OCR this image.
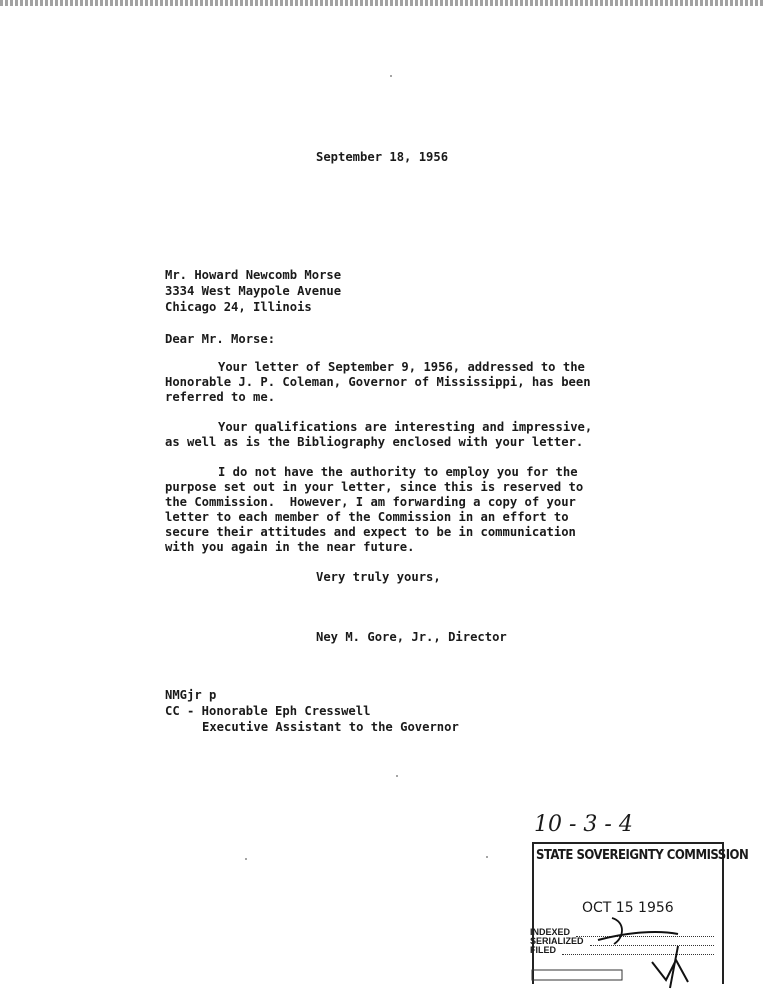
September 18, 1956
Mr. Howard Newcomb Morse
3334 West Maypole Avenue
Chicago 24, Illinois
Dear Mr. Morse:
Your letter of September 9, 1956, addressed to the
Honorable J. P. Coleman, Governor of Mississippi, has been
referred to me.
Your qualifications are interesting and impressive,
as well as is the Bibliography enclosed with your letter.
I do not have the authority to employ you for the
purpose set out in your letter, since this is reserved to
the Commission.  However, I am forwarding a copy of your
letter to each member of the Commission in an effort to
secure their attitudes and expect to be in communication
with you again in the near future.
Very truly yours,
Ney M. Gore, Jr., Director
NMGjr p
CC - Honorable Eph Cresswell
Executive Assistant to the Governor
10 - 3 - 4
STATE SOVEREIGNTY COMMISSION
OCT 15 1956
INDEXED
SERIALIZED
FILED
